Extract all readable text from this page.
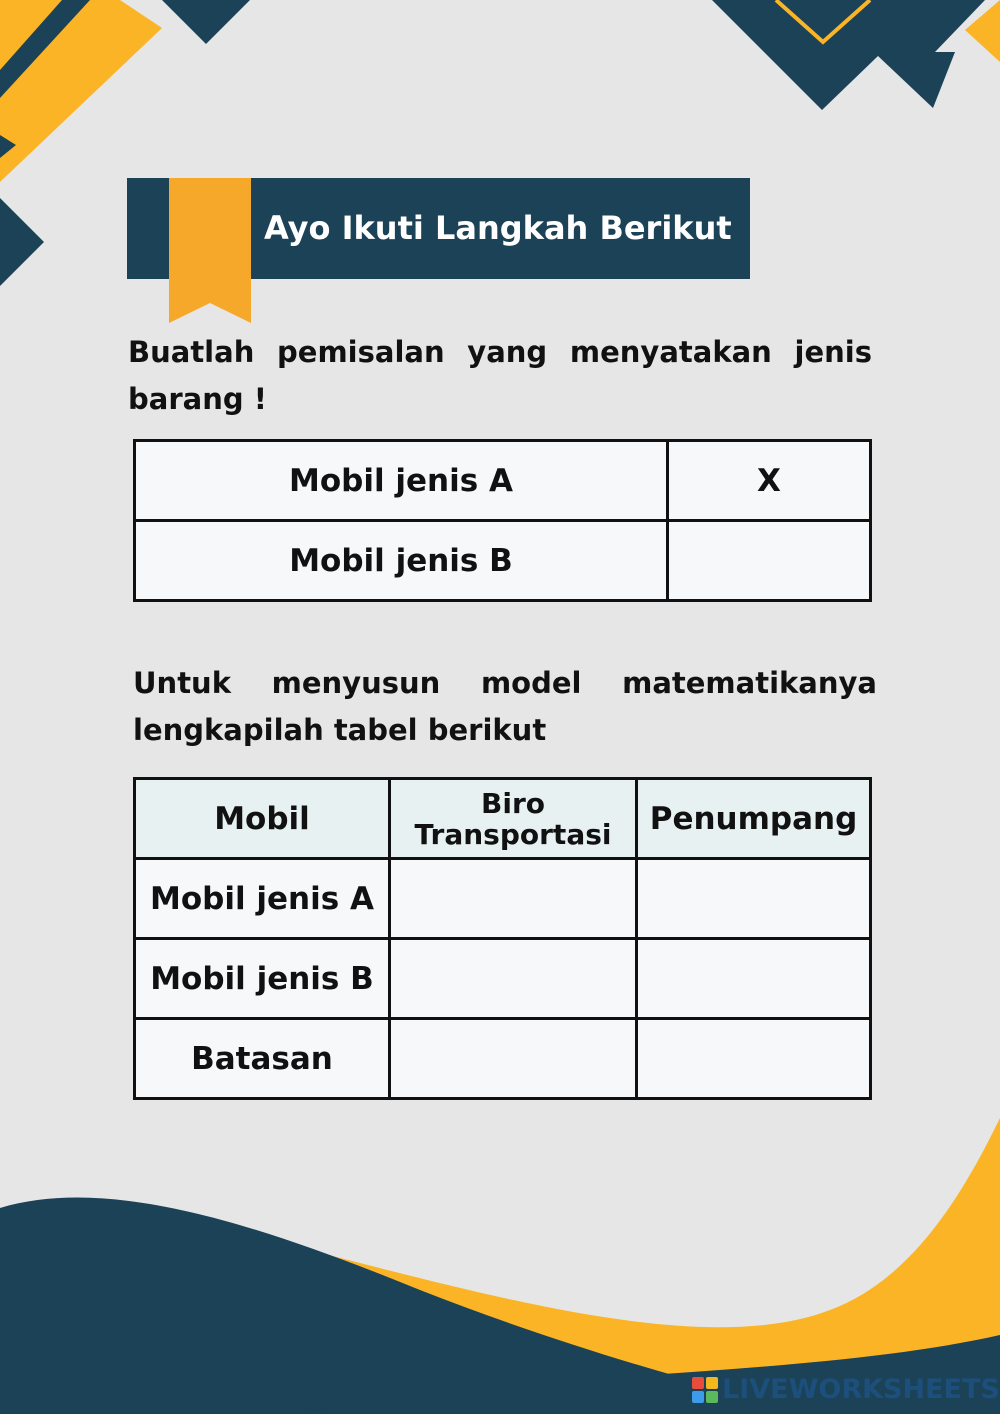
Ayo Ikuti Langkah Berikut

Buatlah pemisalan yang menyatakan jenis barang !

Mobil jenis A	X
Mobil jenis B	

Untuk menyusun model matematikanya lengkapilah tabel berikut

Mobil	Biro Transportasi	Penumpang
Mobil jenis A		
Mobil jenis B		
Batasan		
LIVEWORKSHEETS
